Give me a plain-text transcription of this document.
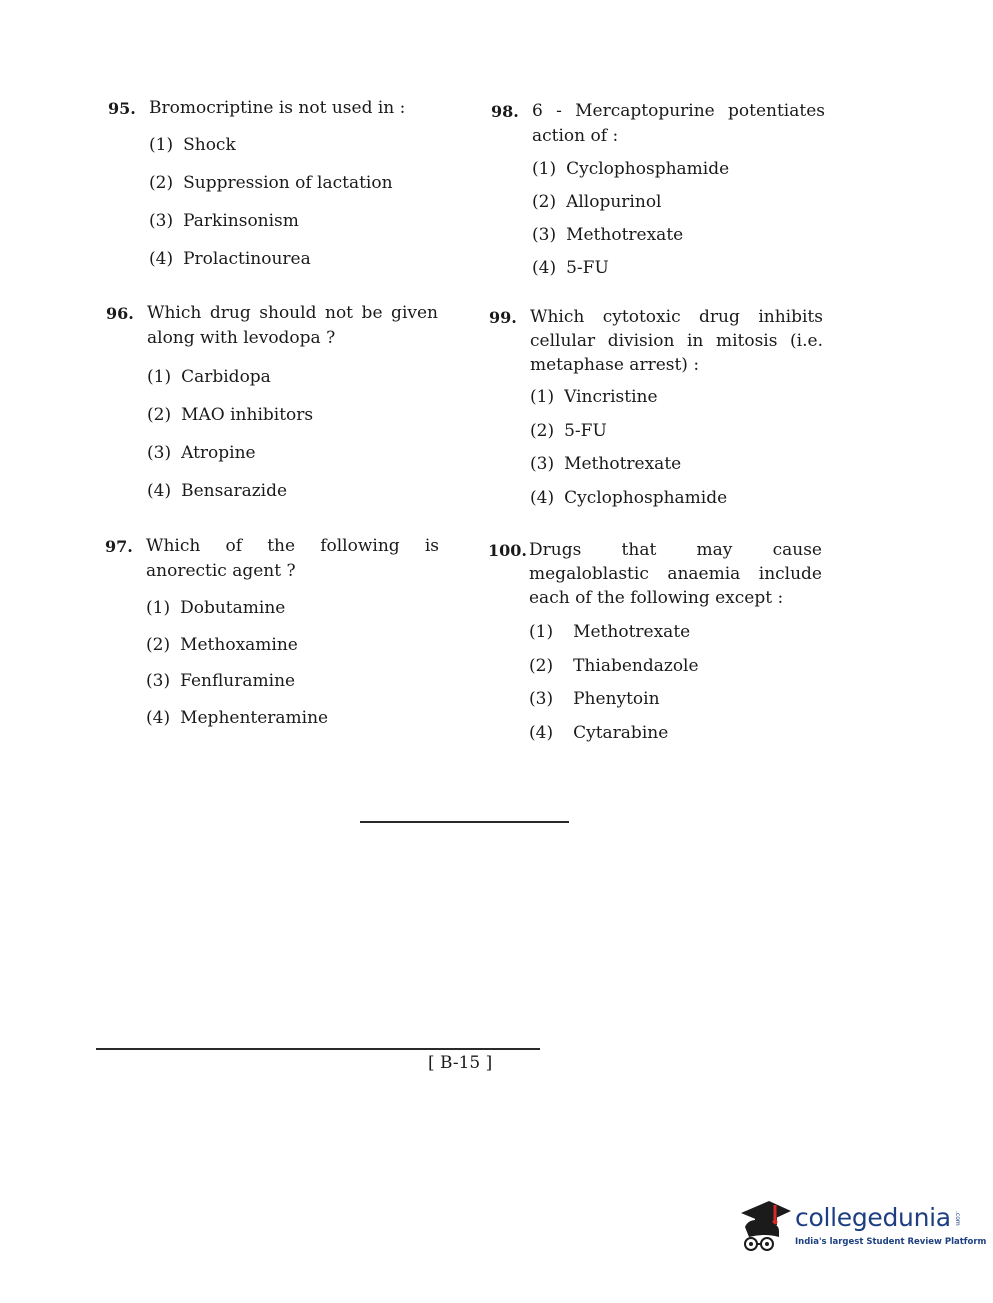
95. Bromocriptine is not used in :
(1) Shock
(2) Suppression of lactation
(3) Parkinsonism
(4) Prolactinourea
96. Which drug should not be given along with levodopa ?
(1) Carbidopa
(2) MAO inhibitors
(3) Atropine
(4) Bensarazide
97. Which of the following is anorectic agent ?
(1) Dobutamine
(2) Methoxamine
(3) Fenfluramine
(4) Mephenteramine
98. 6 - Mercaptopurine potentiates action of :
(1) Cyclophosphamide
(2) Allopurinol
(3) Methotrexate
(4) 5-FU
99. Which cytotoxic drug inhibits cellular division in mitosis (i.e. metaphase arrest) :
(1) Vincristine
(2) 5-FU
(3) Methotrexate
(4) Cyclophosphamide
100. Drugs that may cause megaloblastic anaemia include each of the following except :
(1) Methotrexate
(2) Thiabendazole
(3) Phenytoin
(4) Cytarabine
[ B-15 ]
collegedunia .com
India's largest Student Review Platform
